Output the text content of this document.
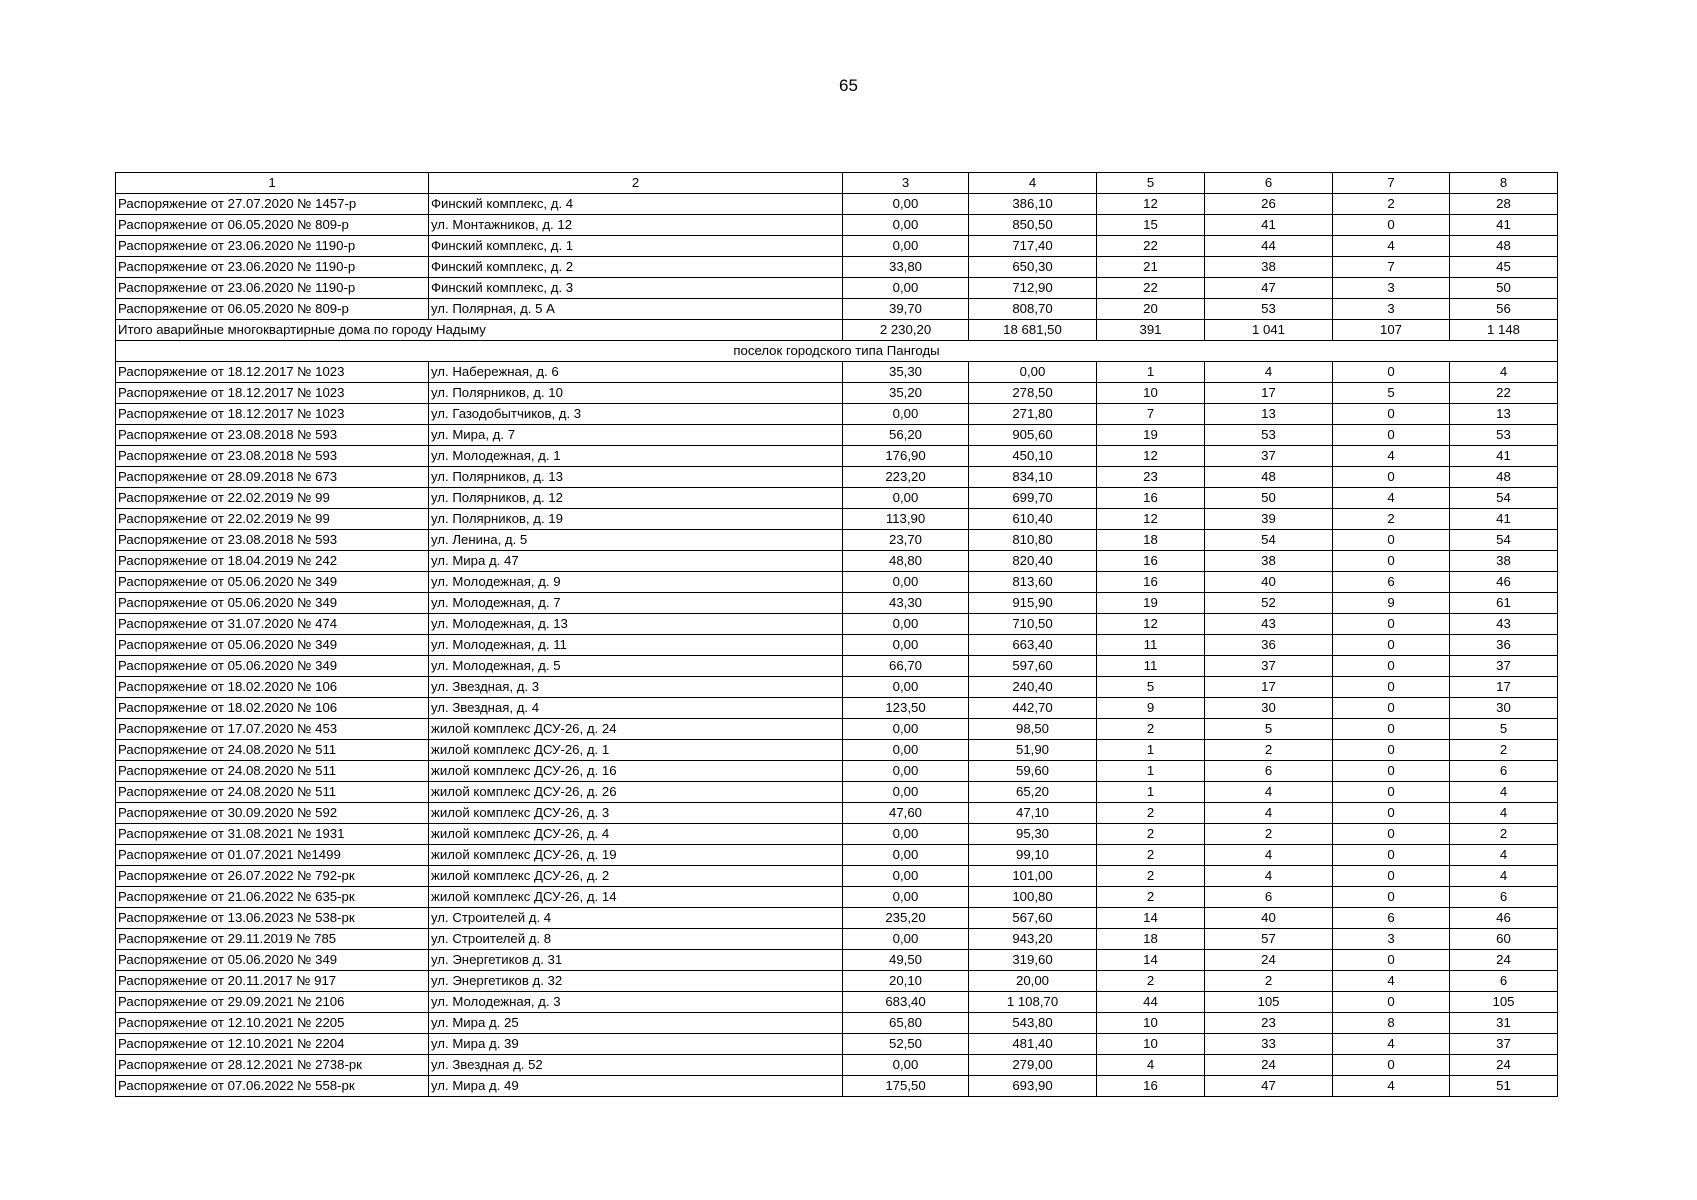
65
1	2	3	4	5	6	7	8
Распоряжение от 27.07.2020 № 1457-р	Финский комплекс, д. 4	0,00	386,10	12	26	2	28
Распоряжение от 06.05.2020 № 809-р	ул. Монтажников, д. 12	0,00	850,50	15	41	0	41
Распоряжение от 23.06.2020 № 1190-р	Финский комплекс, д. 1	0,00	717,40	22	44	4	48
Распоряжение от 23.06.2020 № 1190-р	Финский комплекс, д. 2	33,80	650,30	21	38	7	45
Распоряжение от 23.06.2020 № 1190-р	Финский комплекс, д. 3	0,00	712,90	22	47	3	50
Распоряжение от 06.05.2020 № 809-р	ул. Полярная, д. 5 А	39,70	808,70	20	53	3	56
Итого аварийные многоквартирные дома по городу Надыму		2 230,20	18 681,50	391	1 041	107	1 148
поселок городского типа Пангоды							
Распоряжение от 18.12.2017 № 1023	ул. Набережная, д. 6	35,30	0,00	1	4	0	4
Распоряжение от 18.12.2017 № 1023	ул. Полярников, д. 10	35,20	278,50	10	17	5	22
Распоряжение от 18.12.2017 № 1023	ул. Газодобытчиков, д. 3	0,00	271,80	7	13	0	13
Распоряжение от 23.08.2018 № 593	ул. Мира, д. 7	56,20	905,60	19	53	0	53
Распоряжение от 23.08.2018 № 593	ул. Молодежная, д. 1	176,90	450,10	12	37	4	41
Распоряжение от 28.09.2018 № 673	ул. Полярников, д. 13	223,20	834,10	23	48	0	48
Распоряжение от 22.02.2019 № 99	ул. Полярников, д. 12	0,00	699,70	16	50	4	54
Распоряжение от 22.02.2019 № 99	ул. Полярников, д. 19	113,90	610,40	12	39	2	41
Распоряжение от 23.08.2018 № 593	ул. Ленина, д. 5	23,70	810,80	18	54	0	54
Распоряжение от 18.04.2019 № 242	ул. Мира д. 47	48,80	820,40	16	38	0	38
Распоряжение от 05.06.2020 № 349	ул. Молодежная, д. 9	0,00	813,60	16	40	6	46
Распоряжение от 05.06.2020 № 349	ул. Молодежная, д. 7	43,30	915,90	19	52	9	61
Распоряжение от 31.07.2020 № 474	ул. Молодежная, д. 13	0,00	710,50	12	43	0	43
Распоряжение от 05.06.2020 № 349	ул. Молодежная, д. 11	0,00	663,40	11	36	0	36
Распоряжение от 05.06.2020 № 349	ул. Молодежная, д. 5	66,70	597,60	11	37	0	37
Распоряжение от 18.02.2020 № 106	ул. Звездная, д. 3	0,00	240,40	5	17	0	17
Распоряжение от 18.02.2020 № 106	ул. Звездная, д. 4	123,50	442,70	9	30	0	30
Распоряжение от 17.07.2020 № 453	жилой комплекс ДСУ-26, д. 24	0,00	98,50	2	5	0	5
Распоряжение от 24.08.2020 № 511	жилой комплекс ДСУ-26, д. 1	0,00	51,90	1	2	0	2
Распоряжение от 24.08.2020 № 511	жилой комплекс ДСУ-26, д. 16	0,00	59,60	1	6	0	6
Распоряжение от 24.08.2020 № 511	жилой комплекс ДСУ-26, д. 26	0,00	65,20	1	4	0	4
Распоряжение от 30.09.2020 № 592	жилой комплекс ДСУ-26, д. 3	47,60	47,10	2	4	0	4
Распоряжение от 31.08.2021 № 1931	жилой комплекс ДСУ-26, д. 4	0,00	95,30	2	2	0	2
Распоряжение от 01.07.2021 №1499	жилой комплекс ДСУ-26, д. 19	0,00	99,10	2	4	0	4
Распоряжение от 26.07.2022 № 792-рк	жилой комплекс ДСУ-26, д. 2	0,00	101,00	2	4	0	4
Распоряжение от 21.06.2022 № 635-рк	жилой комплекс ДСУ-26, д. 14	0,00	100,80	2	6	0	6
Распоряжение от 13.06.2023 № 538-рк	ул. Строителей д. 4	235,20	567,60	14	40	6	46
Распоряжение от 29.11.2019 № 785	ул. Строителей д. 8	0,00	943,20	18	57	3	60
Распоряжение от 05.06.2020 № 349	ул. Энергетиков д. 31	49,50	319,60	14	24	0	24
Распоряжение от 20.11.2017 № 917	ул. Энергетиков д. 32	20,10	20,00	2	2	4	6
Распоряжение от 29.09.2021 № 2106	ул. Молодежная, д. 3	683,40	1 108,70	44	105	0	105
Распоряжение от 12.10.2021 № 2205	ул. Мира д. 25	65,80	543,80	10	23	8	31
Распоряжение от 12.10.2021 № 2204	ул. Мира д. 39	52,50	481,40	10	33	4	37
Распоряжение от 28.12.2021 № 2738-рк	ул. Звездная д. 52	0,00	279,00	4	24	0	24
Распоряжение от 07.06.2022 № 558-рк	ул. Мира д. 49	175,50	693,90	16	47	4	51
